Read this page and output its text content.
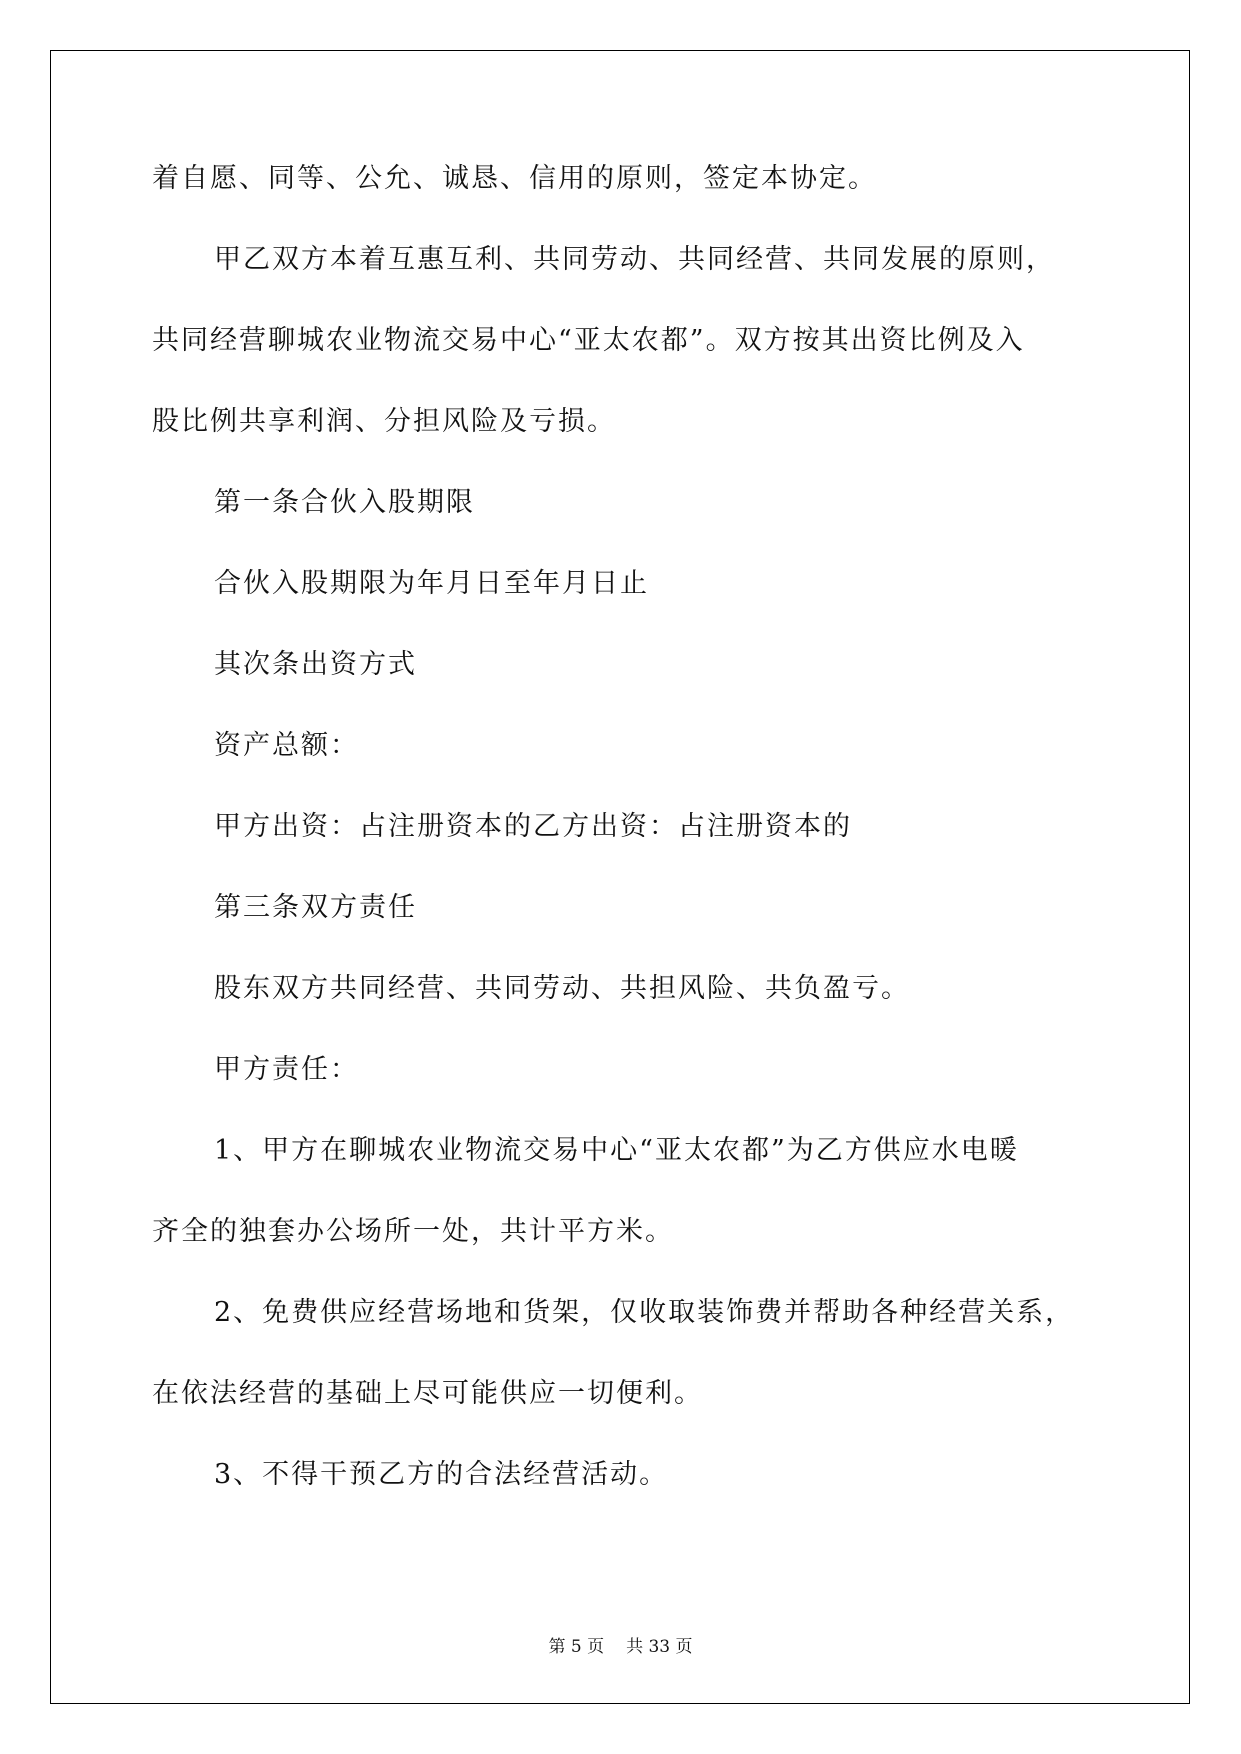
着自愿、同等、公允、诚恳、信用的原则，签定本协定。
甲乙双方本着互惠互利、共同劳动、共同经营、共同发展的原则，
共同经营聊城农业物流交易中心“亚太农都”。双方按其出资比例及入
股比例共享利润、分担风险及亏损。
第一条合伙入股期限
合伙入股期限为年月日至年月日止
其次条出资方式
资产总额：
甲方出资：占注册资本的乙方出资：占注册资本的
第三条双方责任
股东双方共同经营、共同劳动、共担风险、共负盈亏。
甲方责任：
1、甲方在聊城农业物流交易中心“亚太农都”为乙方供应水电暖
齐全的独套办公场所一处，共计平方米。
2、免费供应经营场地和货架，仅收取装饰费并帮助各种经营关系，
在依法经营的基础上尽可能供应一切便利。
3、不得干预乙方的合法经营活动。
第 5 页 共 33 页
